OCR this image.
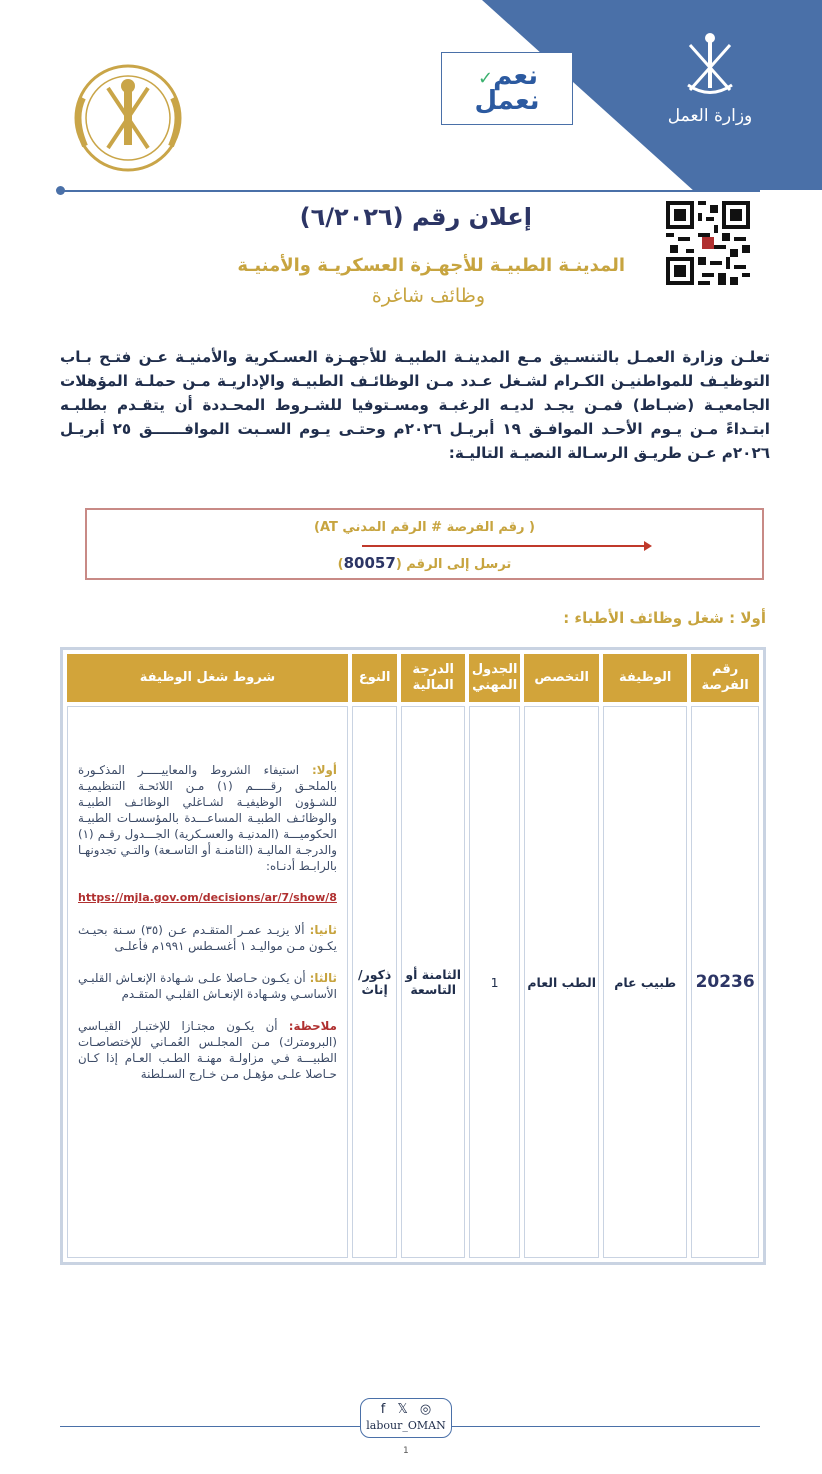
وزارة العمل
نعم✓
نعمل
إعلان رقم (٦/٢٠٢٦)
المدينـة الطبيـة للأجهـزة العسكريـة والأمنيـة
وظائف شاغرة
تعلـن وزارة العمـل بالتنسـيق مـع المدينـة الطبيـة للأجهـزة العسـكرية والأمنيـة عـن فتـح بـاب التوظيـف للمواطنيـن الكـرام لشـغل عـدد مـن الوظائـف الطبيـة والإداريـة مـن حملـة المؤهلات الجامعيـة (ضبـاط) فمـن يجـد لديـه الرغبـة ومسـتوفيا للشـروط المحـددة أن يتقـدم بطلبـه ابتـداءً مـن يـوم الأحـد الموافـق ١٩ أبريـل ٢٠٢٦م وحتـى يـوم السـبت الموافــــــق ٢٥ أبريـل ٢٠٢٦م عـن طريـق الرسـالة النصيـة التاليـة:
( رقم الفرصة # الرقم المدني AT)
ترسل إلى الرقم (80057)
أولا : شغل وظائف الأطباء :
رقم الفرصة	الوظيفة	التخصص	الجدول المهني	الدرجة المالية	النوع	شروط شغل الوظيفة
20236	طبيب عام	الطب العام	1	الثامنة أو التاسعة	ذكور/ إناث	أولا: استيفاء الشروط والمعاييـــــر المذكـورة بالملحـق رقـــــم (١) مـن اللائحـة التنظيميـة للشـؤون الوظيفيـة لشـاغلي الوظائـف الطبيـة والوظائـف الطبيـة المساعـــدة بالمؤسسـات الطبيـة الحكوميـــة (المدنيـة والعسـكرية) الجـــدول رقـم (١) والدرجـة الماليـة (الثامنـة أو التاسـعة) والتـي تجدونهـا بالرابـط أدنـاه:

https://mjla.gov.om/decisions/ar/7/show/8

ثانيا: ألا يزيـد عمـر المتقـدم عـن (٣٥) سـنة بحيـث يكـون مـن مواليـد ١ أغسـطس ١٩٩١م فأعلـى

ثالثا: أن يكـون حـاصلا علـى شـهادة الإنعـاش القلبـي الأساسـي وشـهادة الإنعـاش القلبـي المتقـدم

ملاحظة: أن يكـون مجتـازا للإختبـار القيـاسي (البرومترك) مـن المجلـس العُمـاني للإختصاصـات الطبيـــة فـي مزاولـة مهنـة الطـب العـام إذا كـان حـاصلا علـى مؤهـل مـن خـارج السـلطنة

f 𝕏 ◎
labour_OMAN
1
